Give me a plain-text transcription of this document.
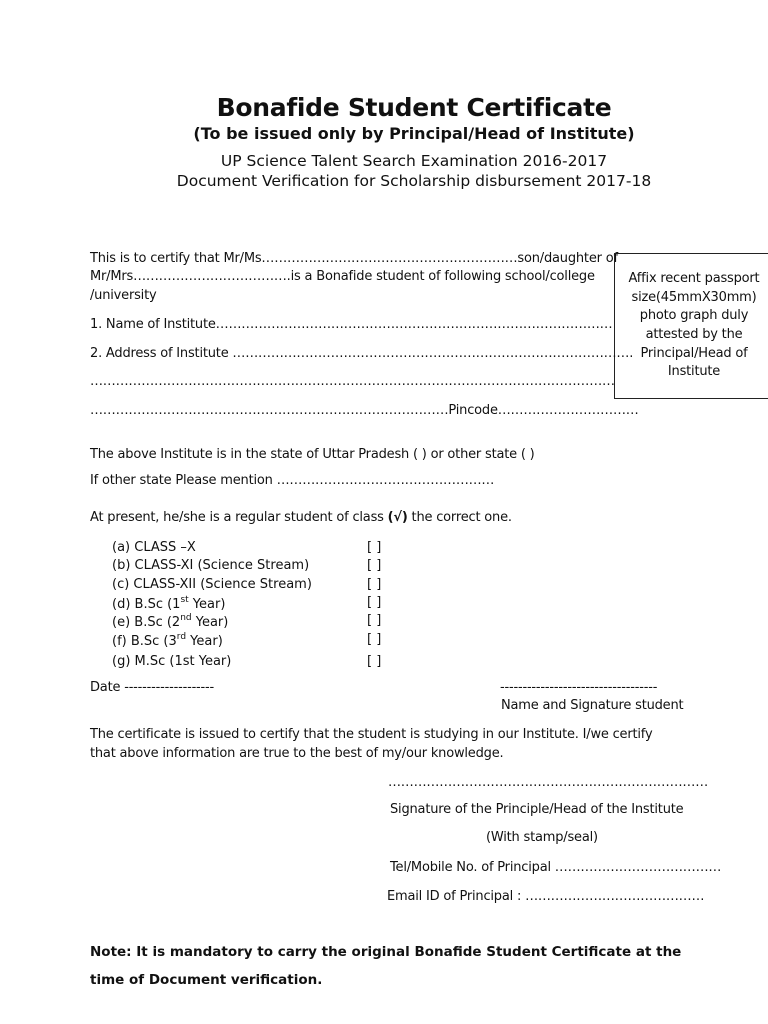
Bonafide Student Certificate
(To be issued only by Principal/Head of Institute)
UP Science Talent Search Examination 2016-2017
Document Verification for Scholarship disbursement 2017-18
This is to certify that Mr/Ms……………………………………………………son/daughter of
Mr/Mrs……………………………….is a Bonafide student of following school/college
/university
Affix recent passport size(45mmX30mm) photo graph duly attested by the Principal/Head of Institute
1. Name of Institute…………………………………………………………………………………
2. Address of Institute ………………………………………………………………………………….
……………………………………………………………………………………………………………
…………………………………………………………………………Pincode……………………………
The above Institute is in the state of Uttar Pradesh ( ) or other state ( )
If other state Please mention ……………………………………………
At present, he/she is a regular student of class (√) the correct one.
(a) CLASS –X	[ ]
(b) CLASS-XI (Science Stream)	[ ]
(c) CLASS-XII (Science Stream)	[ ]
(d) B.Sc (1st Year)	[ ]
(e) B.Sc (2nd Year)	[ ]
(f) B.Sc (3rd Year)	[ ]
(g) M.Sc (1st Year)	[ ]
Date --------------------	-----------------------------------
Name and Signature student
The certificate is issued to certify that the student is studying in our Institute. I/we certify
that above information are true to the best of my/our knowledge.
…………………………………………………………………
Signature of the Principle/Head of the Institute
(With stamp/seal)
Tel/Mobile No. of Principal …………………………………
Email ID of Principal : ……………………………………
Note: It is mandatory to carry the original Bonafide Student Certificate at the
time of Document verification.
